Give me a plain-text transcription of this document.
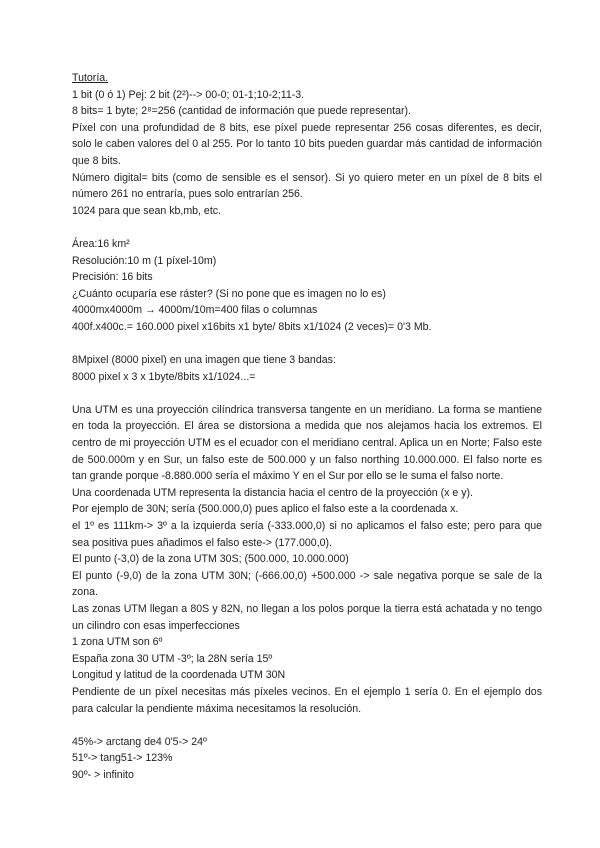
Tutoría.
1 bit (0 ó 1) Pej: 2 bit (2²)--> 00-0; 01-1;10-2;11-3.
8 bits= 1 byte; 2⁸=256 (cantidad de información que puede representar).
Píxel con una profundidad de 8 bits, ese píxel puede representar 256 cosas diferentes, es decir, solo le caben valores del 0 al 255. Por lo tanto 10 bits pueden guardar más cantidad de información que 8 bits.
Número digital= bits (como de sensible es el sensor). Si yo quiero meter en un píxel de 8 bits el número 261 no entraría, pues solo entrarían 256.
1024 para que sean kb,mb, etc.
Área:16 km²
Resolución:10 m (1 píxel-10m)
Precisión: 16 bits
¿Cuánto ocuparía ese ráster? (Si no pone que es imagen no lo es)
4000mx4000m → 4000m/10m=400 filas o columnas
400f.x400c.= 160.000 pixel x16bits x1 byte/ 8bits x1/1024 (2 veces)= 0'3 Mb.
8Mpixel (8000 pixel) en una imagen que tiene 3 bandas:
8000 pixel x 3 x 1byte/8bits x1/1024...=
Una UTM es una proyección cilíndrica transversa tangente en un meridiano. La forma se mantiene en toda la proyección. El área se distorsiona a medida que nos alejamos hacia los extremos. El centro de mi proyección UTM es el ecuador con el meridiano central. Aplica un en Norte; Falso este de 500.000m y en Sur, un falso este de 500.000 y un falso northing 10.000.000. El falso norte es tan grande porque -8.880.000 sería el máximo Y en el Sur por ello se le suma el falso norte.
Una coordenada UTM representa la distancia hacia el centro de la proyección (x e y).
Por ejemplo de 30N; sería (500.000,0) pues aplico el falso este a la coordenada x.
el 1º es 111km-> 3º a la izquierda sería (-333.000,0) si no aplicamos el falso este; pero para que sea positiva pues añadimos el falso este-> (177.000,0).
El punto (-3,0) de la zona UTM 30S; (500.000, 10.000.000)
El punto (-9,0) de la zona UTM 30N; (-666.00,0) +500.000 -> sale negativa porque se sale de la zona.
Las zonas UTM llegan a 80S y 82N, no llegan a los polos porque la tierra está achatada y no tengo un cilindro con esas imperfecciones
1 zona UTM son 6º
España zona 30 UTM -3º; la 28N sería 15º
Longitud y latitud de la coordenada UTM 30N
Pendiente de un píxel necesitas más píxeles vecinos. En el ejemplo 1 sería 0. En el ejemplo dos para calcular la pendiente máxima necesitamos la resolución.
45%-> arctang de4 0'5-> 24º
51º-> tang51-> 123%
90º- > infinito
